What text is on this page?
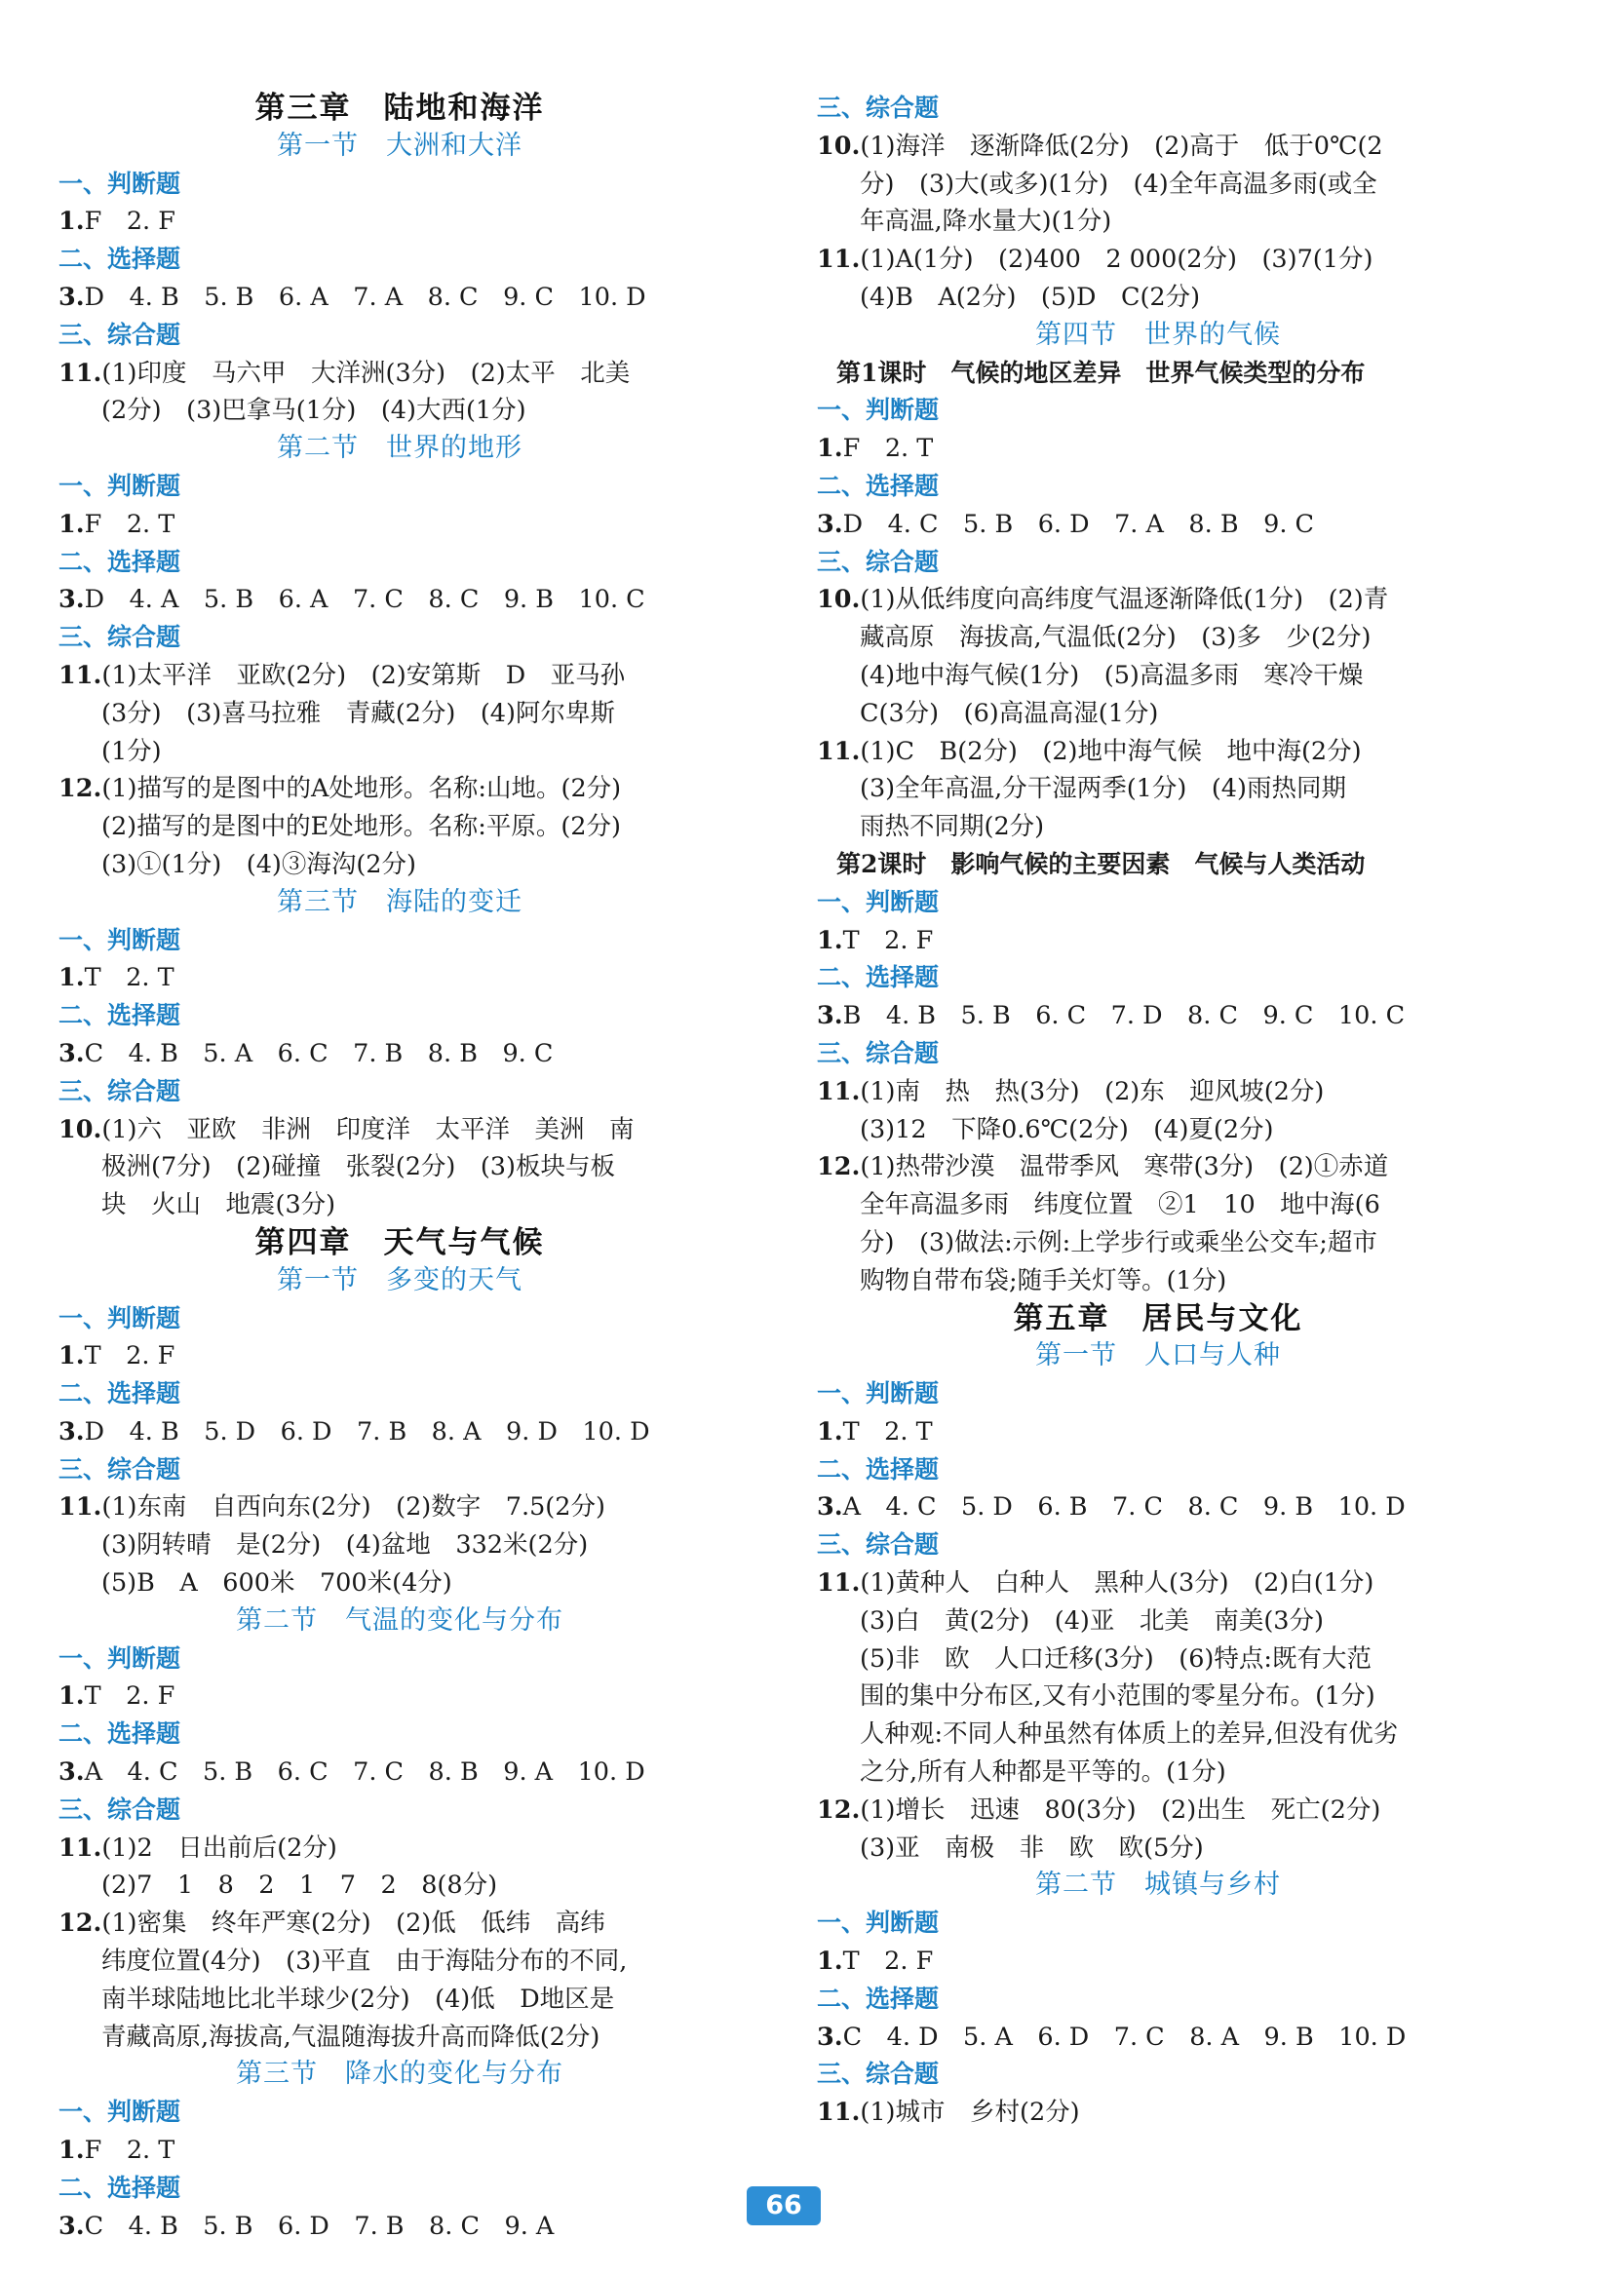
第三章　陆地和海洋
第一节　大洲和大洋
一、判断题
1.F　2. F
二、选择题
3.D　4. B　5. B　6. A　7. A　8. C　9. C　10. D
三、综合题
11.(1)印度　马六甲　大洋洲(3分)　(2)太平　北美
(2分)　(3)巴拿马(1分)　(4)大西(1分)
第二节　世界的地形
一、判断题
1.F　2. T
二、选择题
3.D　4. A　5. B　6. A　7. C　8. C　9. B　10. C
三、综合题
11.(1)太平洋　亚欧(2分)　(2)安第斯　D　亚马孙
(3分)　(3)喜马拉雅　青藏(2分)　(4)阿尔卑斯
(1分)
12.(1)描写的是图中的A处地形。名称:山地。(2分)
(2)描写的是图中的E处地形。名称:平原。(2分)
(3)①(1分)　(4)③海沟(2分)
第三节　海陆的变迁
一、判断题
1.T　2. T
二、选择题
3.C　4. B　5. A　6. C　7. B　8. B　9. C
三、综合题
10.(1)六　亚欧　非洲　印度洋　太平洋　美洲　南
极洲(7分)　(2)碰撞　张裂(2分)　(3)板块与板
块　火山　地震(3分)
第四章　天气与气候
第一节　多变的天气
一、判断题
1.T　2. F
二、选择题
3.D　4. B　5. D　6. D　7. B　8. A　9. D　10. D
三、综合题
11.(1)东南　自西向东(2分)　(2)数字　7.5(2分)
(3)阴转晴　是(2分)　(4)盆地　332米(2分)
(5)B　A　600米　700米(4分)
第二节　气温的变化与分布
一、判断题
1.T　2. F
二、选择题
3.A　4. C　5. B　6. C　7. C　8. B　9. A　10. D
三、综合题
11.(1)2　日出前后(2分)
(2)7　1　8　2　1　7　2　8(8分)
12.(1)密集　终年严寒(2分)　(2)低　低纬　高纬
纬度位置(4分)　(3)平直　由于海陆分布的不同,
南半球陆地比北半球少(2分)　(4)低　D地区是
青藏高原,海拔高,气温随海拔升高而降低(2分)
第三节　降水的变化与分布
一、判断题
1.F　2. T
二、选择题
3.C　4. B　5. B　6. D　7. B　8. C　9. A
三、综合题
10.(1)海洋　逐渐降低(2分)　(2)高于　低于0℃(2
分)　(3)大(或多)(1分)　(4)全年高温多雨(或全
年高温,降水量大)(1分)
11.(1)A(1分)　(2)400　2 000(2分)　(3)7(1分)
(4)B　A(2分)　(5)D　C(2分)
第四节　世界的气候
第1课时　气候的地区差异　世界气候类型的分布
一、判断题
1.F　2. T
二、选择题
3.D　4. C　5. B　6. D　7. A　8. B　9. C
三、综合题
10.(1)从低纬度向高纬度气温逐渐降低(1分)　(2)青
藏高原　海拔高,气温低(2分)　(3)多　少(2分)
(4)地中海气候(1分)　(5)高温多雨　寒冷干燥
C(3分)　(6)高温高湿(1分)
11.(1)C　B(2分)　(2)地中海气候　地中海(2分)
(3)全年高温,分干湿两季(1分)　(4)雨热同期
雨热不同期(2分)
第2课时　影响气候的主要因素　气候与人类活动
一、判断题
1.T　2. F
二、选择题
3.B　4. B　5. B　6. C　7. D　8. C　9. C　10. C
三、综合题
11.(1)南　热　热(3分)　(2)东　迎风坡(2分)
(3)12　下降0.6℃(2分)　(4)夏(2分)
12.(1)热带沙漠　温带季风　寒带(3分)　(2)①赤道
全年高温多雨　纬度位置　②1　10　地中海(6
分)　(3)做法:示例:上学步行或乘坐公交车;超市
购物自带布袋;随手关灯等。(1分)
第五章　居民与文化
第一节　人口与人种
一、判断题
1.T　2. T
二、选择题
3.A　4. C　5. D　6. B　7. C　8. C　9. B　10. D
三、综合题
11.(1)黄种人　白种人　黑种人(3分)　(2)白(1分)
(3)白　黄(2分)　(4)亚　北美　南美(3分)
(5)非　欧　人口迁移(3分)　(6)特点:既有大范
围的集中分布区,又有小范围的零星分布。(1分)
人种观:不同人种虽然有体质上的差异,但没有优劣
之分,所有人种都是平等的。(1分)
12.(1)增长　迅速　80(3分)　(2)出生　死亡(2分)
(3)亚　南极　非　欧　欧(5分)
第二节　城镇与乡村
一、判断题
1.T　2. F
二、选择题
3.C　4. D　5. A　6. D　7. C　8. A　9. B　10. D
三、综合题
11.(1)城市　乡村(2分)
66
